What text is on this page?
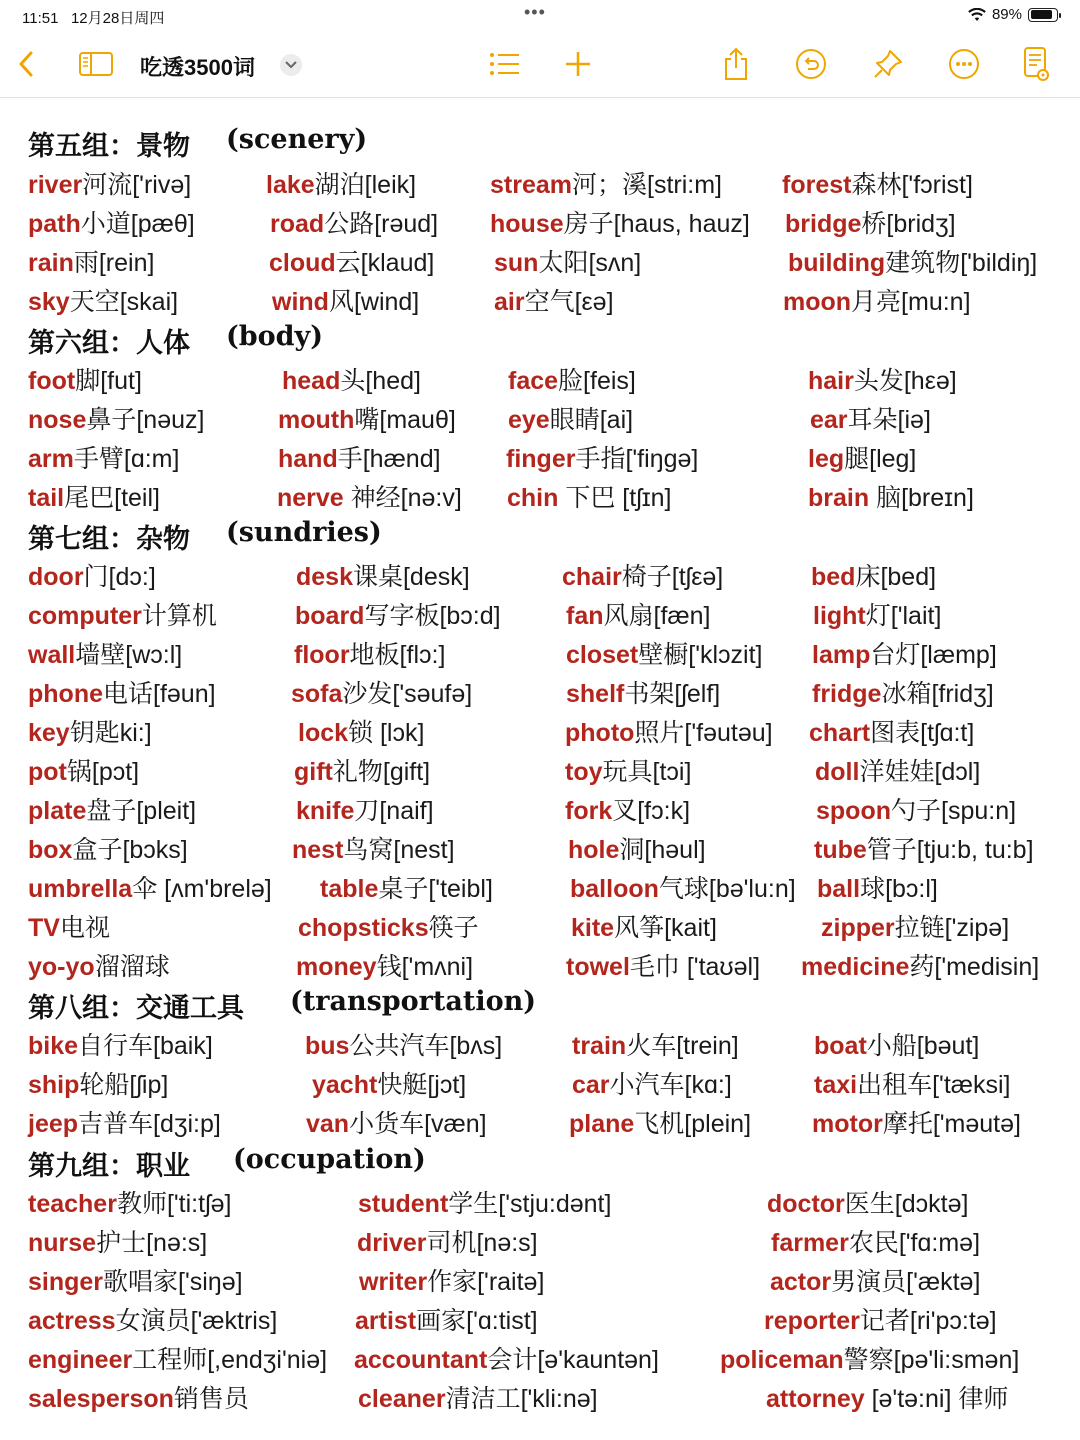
11:51 12月28日周四	•••	89%
吃透3500词
第五组：景物 (scenery)
river河流['rivə]	lake湖泊[leik]	stream河；溪[stri:m] forest森林['fɔrist]
path小道[pæθ]	road公路[rəud] house房子[haus, hauz] bridge桥[bridʒ]
rain雨[rein]	cloud云[klaud] sun太阳[sʌn]	building建筑物['bildiŋ]
sky天空[skai]	wind风[wind]	air空气[εə]	moon月亮[mu:n]
第六组：人体 (body)
foot脚[fut]	head头[hed]	face脸[feis]	hair头发[hεə]
nose鼻子[nəuz]	mouth嘴[mauθ] eye眼睛[ai]	ear耳朵[iə]
arm手臂[ɑ:m]	hand手[hænd]	finger手指['fiŋgə]	leg腿[leg]
tail尾巴[teil]	nerve 神经[nə:v] chin 下巴 [tʃɪn]	brain 脑[breɪn]
第七组：杂物 (sundries)
door门[dɔ:]	desk课桌[desk]	chair椅子[tʃεə]	bed床[bed]
computer计算机	board写字板[bɔ:d]	fan风扇[fæn]	light灯['lait]
wall墙壁[wɔ:l]	floor地板[flɔ:]	closet壁橱['klɔzit] lamp台灯[læmp]
phone电话[fəun]	sofa沙发['səufə]	shelf书架[ʃelf]	fridge冰箱[fridʒ]
key钥匙ki:]	lock锁 [lɔk]	photo照片['fəutəu] chart图表[tʃɑ:t]
pot锅[pɔt]	gift礼物[gift]	toy玩具[tɔi]	doll洋娃娃[dɔl]
plate盘子[pleit]	knife刀[naif]	fork叉[fɔ:k]	spoon勺子[spu:n]
box盒子[bɔks]	nest鸟窝[nest]	hole洞[həul]	tube管子[tju:b, tu:b]
umbrella伞 [ʌm'brelə] table桌子['teibl]	balloon气球[bə'lu:n] ball球[bɔ:l]
TV电视	chopsticks筷子	kite风筝[kait]	zipper拉链['zipə]
yo-yo溜溜球	money钱['mʌni]	towel毛巾 ['taʊəl] medicine药['medisin]
第八组：交通工具 (transportation)
bike自行车[baik]	bus公共汽车[bʌs]	train火车[trein]	boat小船[bəut]
ship轮船[ʃip]	yacht快艇[jɔt]	car小汽车[kɑ:]	taxi出租车['tæksi]
jeep吉普车[dʒi:p]	van小货车[væn]	plane飞机[plein] motor摩托['məutə]
第九组：职业 (occupation)
teacher教师['ti:tʃə]	student学生['stju:dənt]	doctor医生[dɔktə]
nurse护士[nə:s]	driver司机[nə:s]	farmer农民['fɑ:mə]
singer歌唱家['siŋə]	writer作家['raitə]	actor男演员['æktə]
actress女演员['æktris]	artist画家['ɑ:tist]	reporter记者[ri'pɔ:tə]
engineer工程师[,endʒi'niə] accountant会计[ə'kauntən] policeman警察[pə'li:smən]
salesperson销售员	cleaner清洁工['kli:nə]	attorney [ə'tə:ni] 律师
